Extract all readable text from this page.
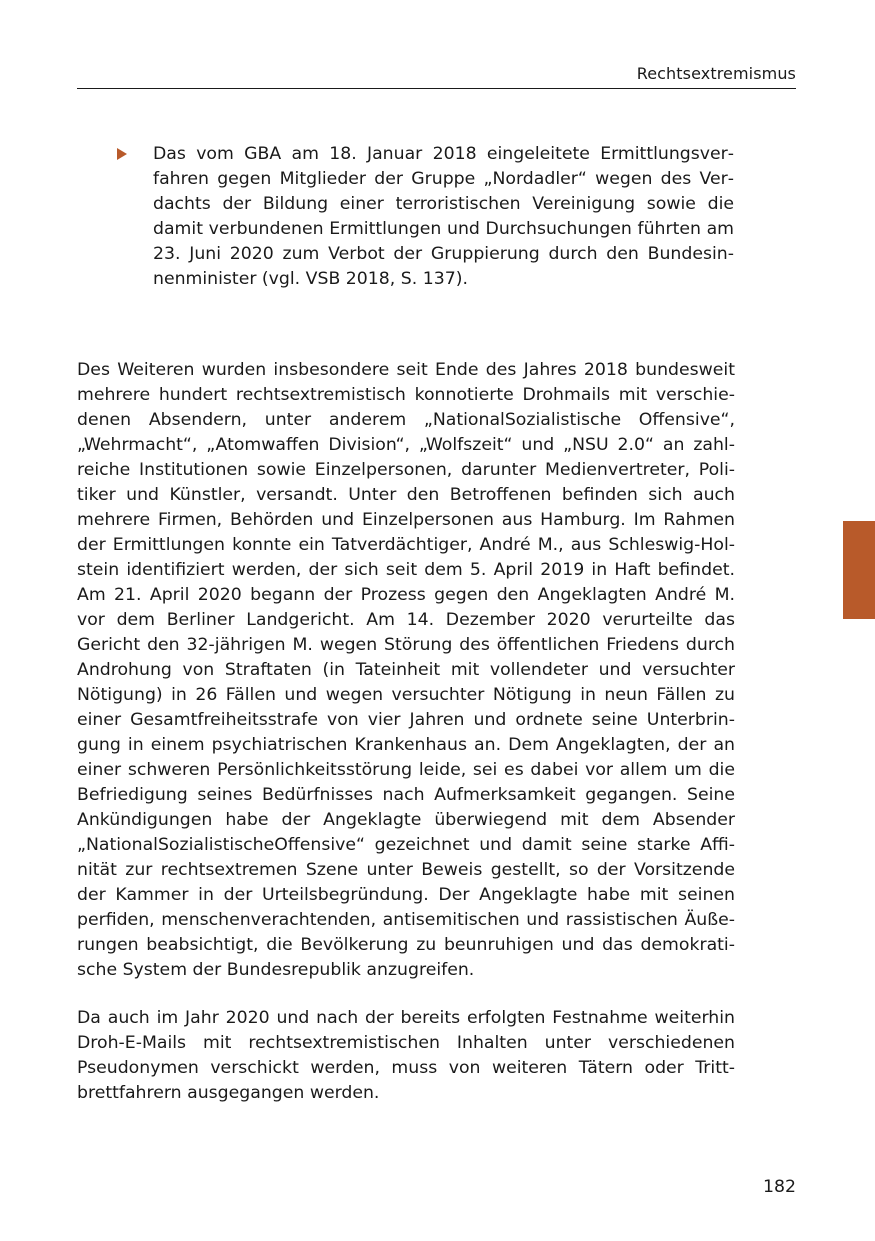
Rechtsextremismus
Das vom GBA am 18. Januar 2018 eingeleitete Ermittlungsverfahren gegen Mitglieder der Gruppe „Nordadler“ wegen des Verdachts der Bildung einer terroristischen Vereinigung sowie die damit verbundenen Ermittlungen und Durchsuchungen führten am 23. Juni 2020 zum Verbot der Gruppierung durch den Bundesinnenminister (vgl. VSB 2018, S. 137).

Des Weiteren wurden insbesondere seit Ende des Jahres 2018 bundesweit mehrere hundert rechtsextremistisch konnotierte Drohmails mit verschiedenen Absendern, unter anderem „NationalSozialistische Offensive“, „Wehrmacht“, „Atomwaffen Division“, „Wolfszeit“ und „NSU 2.0“ an zahlreiche Institutionen sowie Einzelpersonen, darunter Medienvertreter, Politiker und Künstler, versandt. Unter den Betroffenen befinden sich auch mehrere Firmen, Behörden und Einzelpersonen aus Hamburg. Im Rahmen der Ermittlungen konnte ein Tatverdächtiger, André M., aus Schleswig-Holstein identifiziert werden, der sich seit dem 5. April 2019 in Haft befindet. Am 21. April 2020 begann der Prozess gegen den Angeklagten André M. vor dem Berliner Landgericht. Am 14. Dezember 2020 verurteilte das Gericht den 32-jährigen M. wegen Störung des öffentlichen Friedens durch Androhung von Straftaten (in Tateinheit mit vollendeter und versuchter Nötigung) in 26 Fällen und wegen versuchter Nötigung in neun Fällen zu einer Gesamtfreiheitsstrafe von vier Jahren und ordnete seine Unterbringung in einem psychiatrischen Krankenhaus an. Dem Angeklagten, der an einer schweren Persönlichkeitsstörung leide, sei es dabei vor allem um die Befriedigung seines Bedürfnisses nach Aufmerksamkeit gegangen. Seine Ankündigungen habe der Angeklagte überwiegend mit dem Absender „NationalSozialistischeOffensive“ gezeichnet und damit seine starke Affinität zur rechtsextremen Szene unter Beweis gestellt, so der Vorsitzende der Kammer in der Urteilsbegründung. Der Angeklagte habe mit seinen perfiden, menschenverachtenden, antisemitischen und rassistischen Äußerungen beabsichtigt, die Bevölkerung zu beunruhigen und das demokratische System der Bundesrepublik anzugreifen.

Da auch im Jahr 2020 und nach der bereits erfolgten Festnahme weiterhin Droh-E-Mails mit rechtsextremistischen Inhalten unter verschiedenen Pseudonymen verschickt werden, muss von weiteren Tätern oder Trittbrettfahrern ausgegangen werden.

182
